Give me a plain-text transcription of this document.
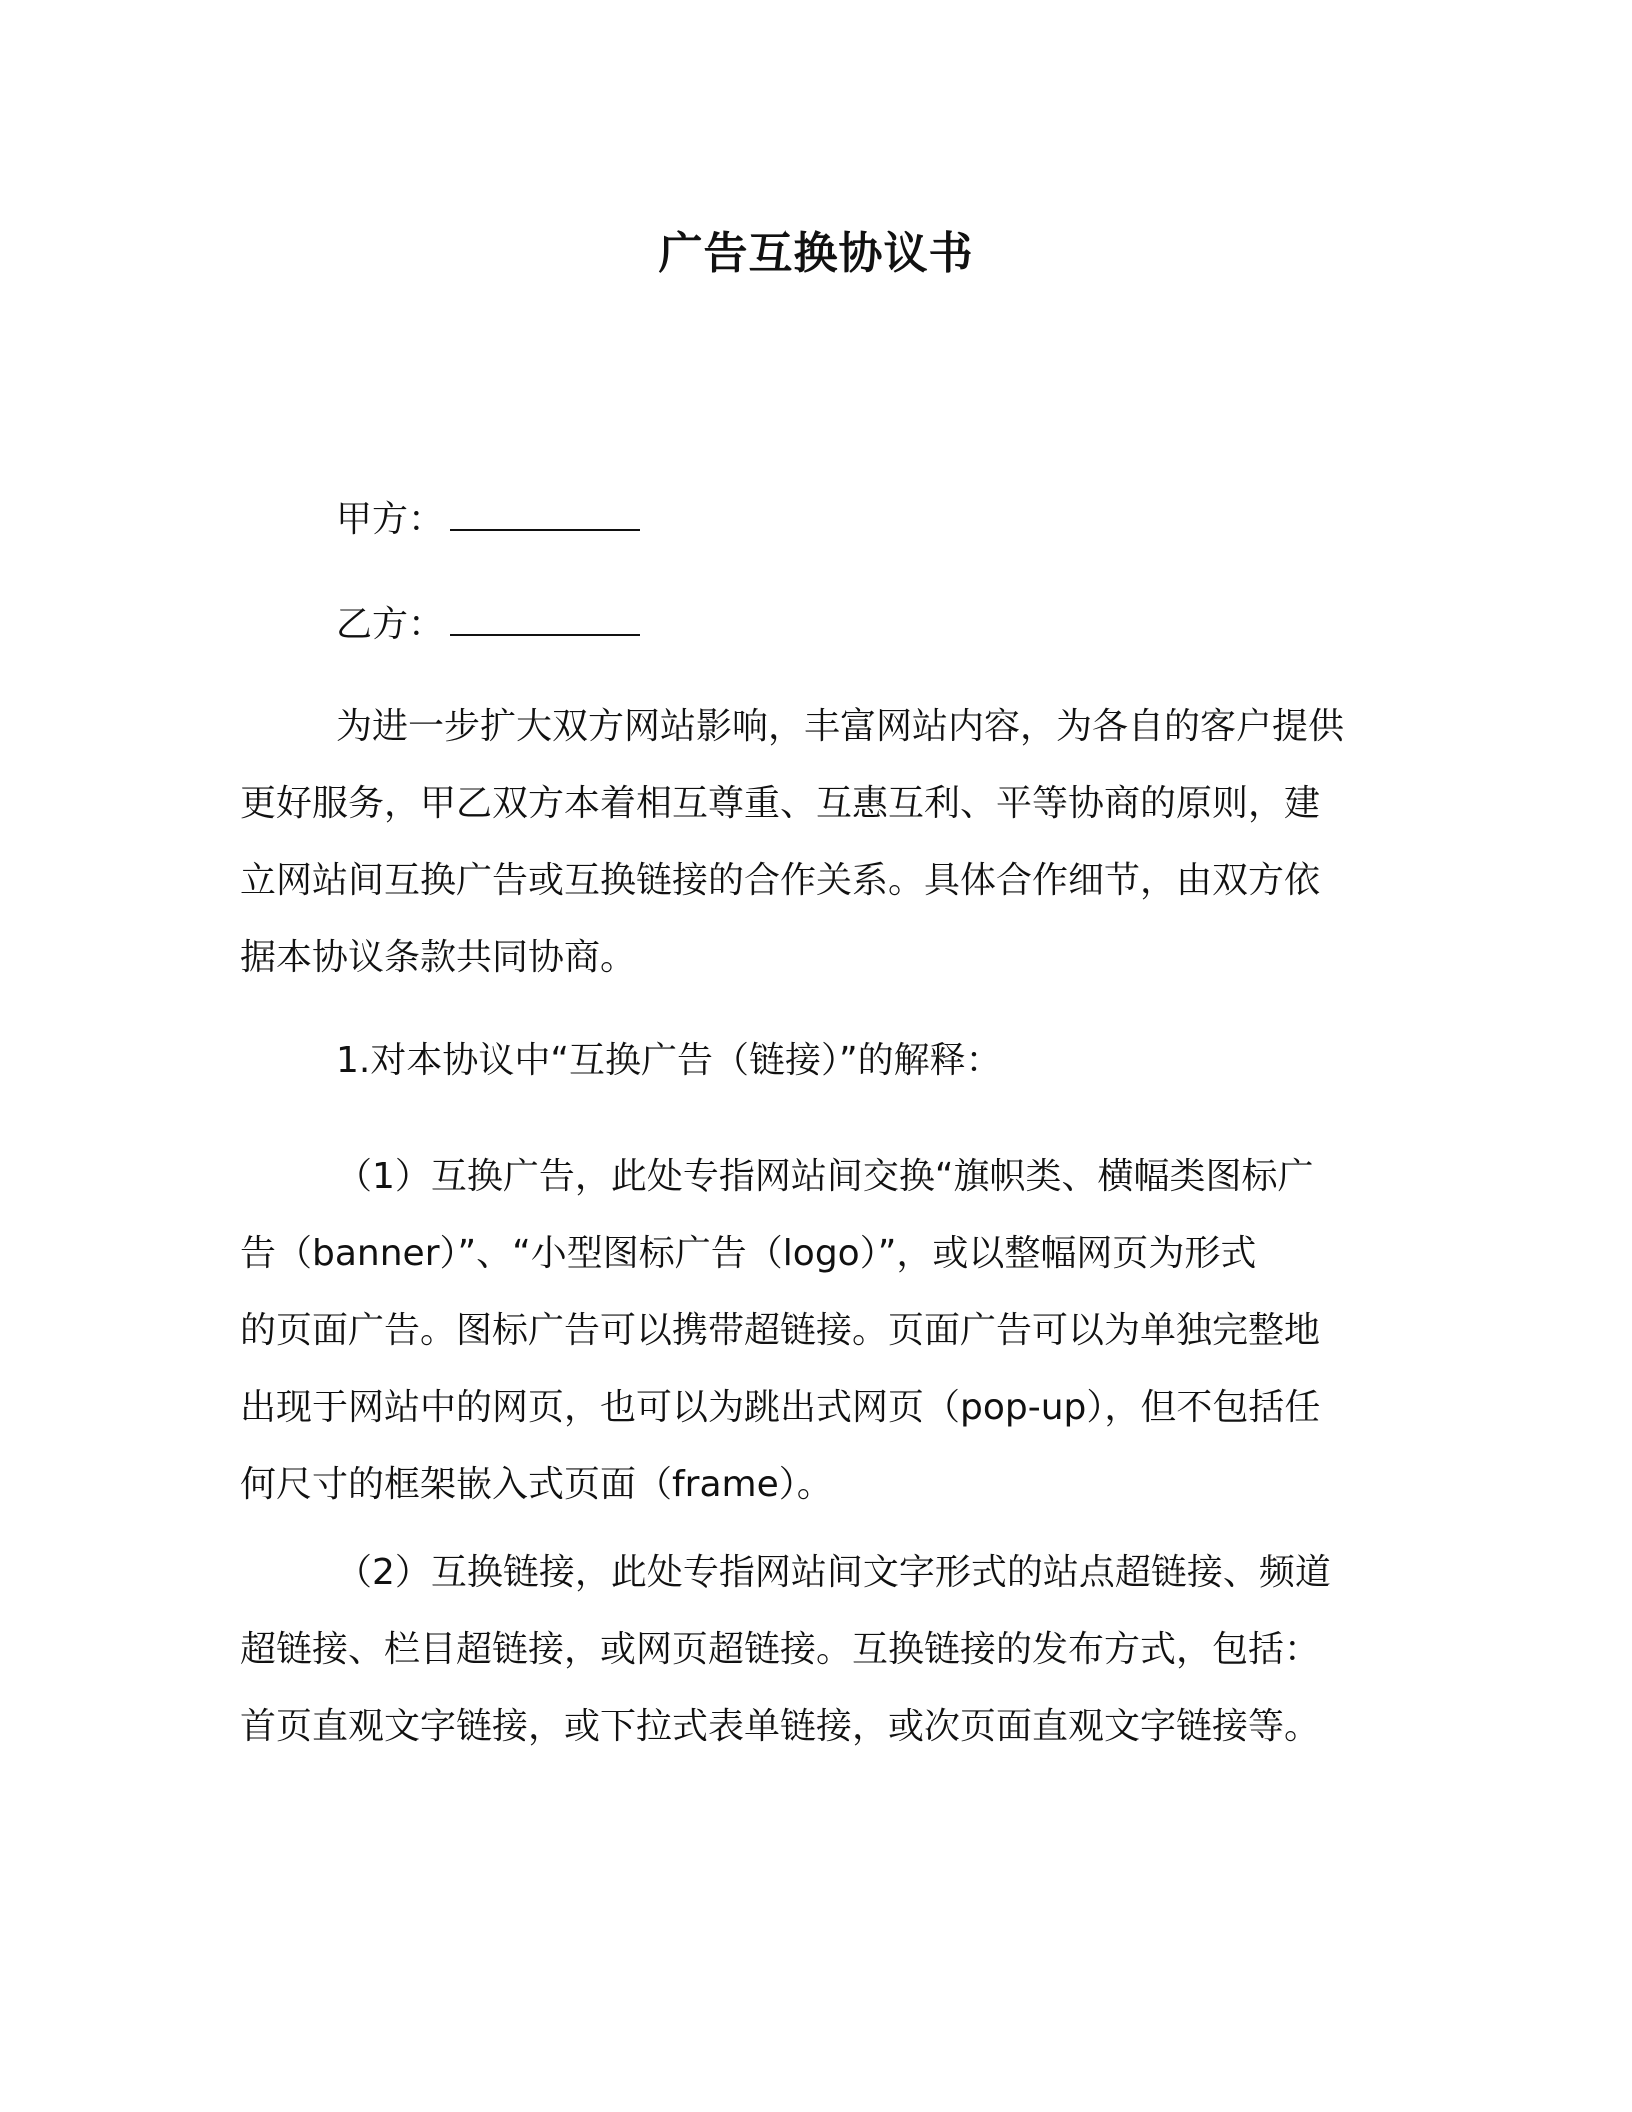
广告互换协议书
甲方：
乙方：
为进一步扩大双方网站影响，丰富网站内容，为各自的客户提供
更好服务，甲乙双方本着相互尊重、互惠互利、平等协商的原则，建
立网站间互换广告或互换链接的合作关系。具体合作细节，由双方依
据本协议条款共同协商。
1.对本协议中“互换广告（链接）”的解释：
（1）互换广告，此处专指网站间交换“旗帜类、横幅类图标广
告（banner）”、“小型图标广告（logo）”，或以整幅网页为形式
的页面广告。图标广告可以携带超链接。页面广告可以为单独完整地
出现于网站中的网页，也可以为跳出式网页（pop-up），但不包括任
何尺寸的框架嵌入式页面（frame）。
（2）互换链接，此处专指网站间文字形式的站点超链接、频道
超链接、栏目超链接，或网页超链接。互换链接的发布方式，包括：
首页直观文字链接，或下拉式表单链接，或次页面直观文字链接等。
